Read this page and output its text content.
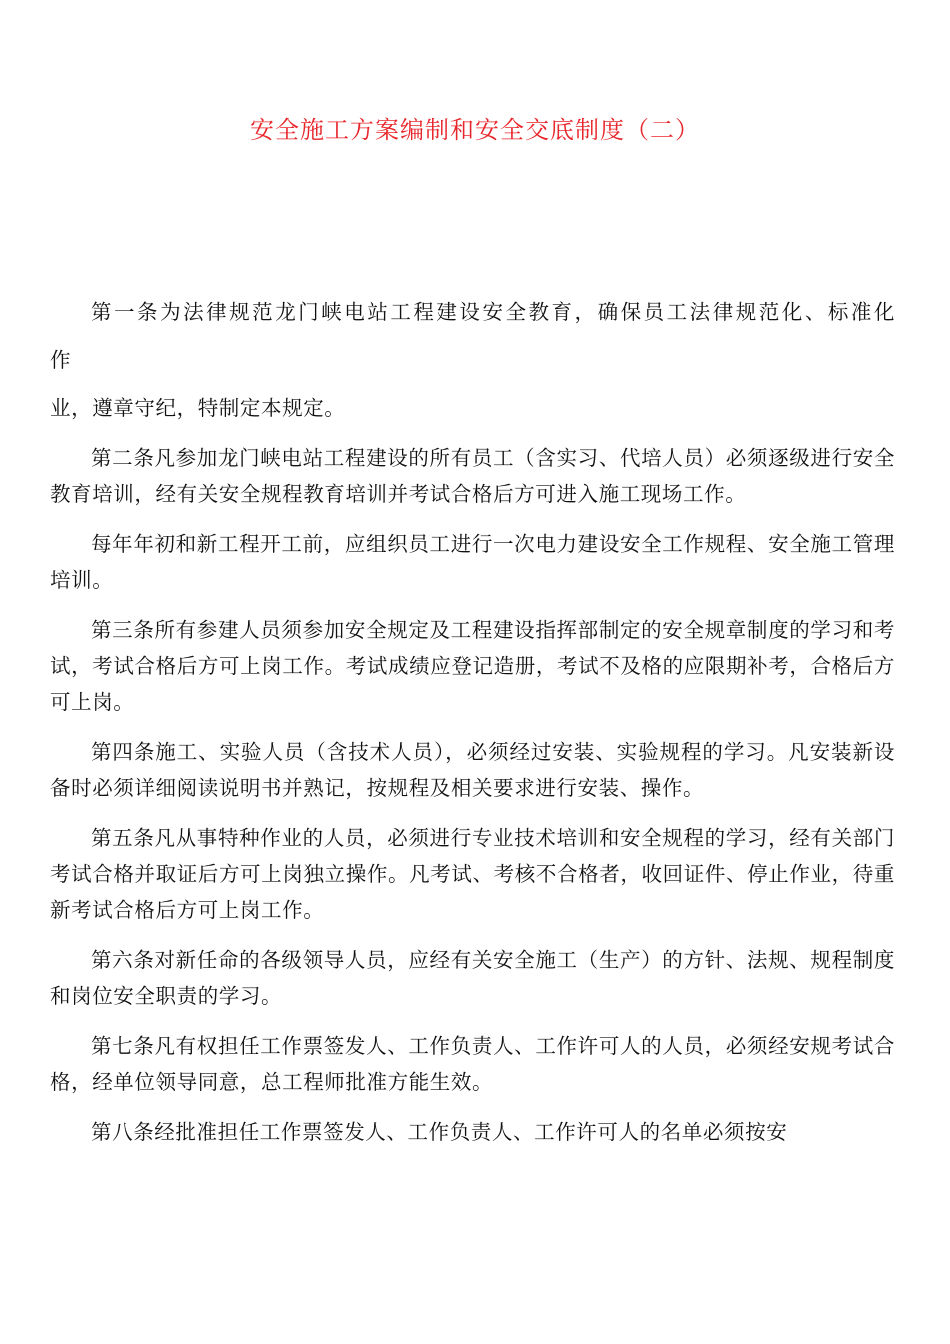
安全施工方案编制和安全交底制度（二）
第一条为法律规范龙门峡电站工程建设安全教育，确保员工法律规范化、标准化
作
业，遵章守纪，特制定本规定。

第二条凡参加龙门峡电站工程建设的所有员工（含实习、代培人员）必须逐级进行安全教育培训，经有关安全规程教育培训并考试合格后方可进入施工现场工作。

每年年初和新工程开工前，应组织员工进行一次电力建设安全工作规程、安全施工管理培训。

第三条所有参建人员须参加安全规定及工程建设指挥部制定的安全规章制度的学习和考试，考试合格后方可上岗工作。考试成绩应登记造册，考试不及格的应限期补考，合格后方可上岗。

第四条施工、实验人员（含技术人员），必须经过安装、实验规程的学习。凡安装新设备时必须详细阅读说明书并熟记，按规程及相关要求进行安装、操作。

第五条凡从事特种作业的人员，必须进行专业技术培训和安全规程的学习，经有关部门考试合格并取证后方可上岗独立操作。凡考试、考核不合格者，收回证件、停止作业，待重新考试合格后方可上岗工作。

第六条对新任命的各级领导人员，应经有关安全施工（生产）的方针、法规、规程制度和岗位安全职责的学习。

第七条凡有权担任工作票签发人、工作负责人、工作许可人的人员，必须经安规考试合格，经单位领导同意，总工程师批准方能生效。

第八条经批准担任工作票签发人、工作负责人、工作许可人的名单必须按安
